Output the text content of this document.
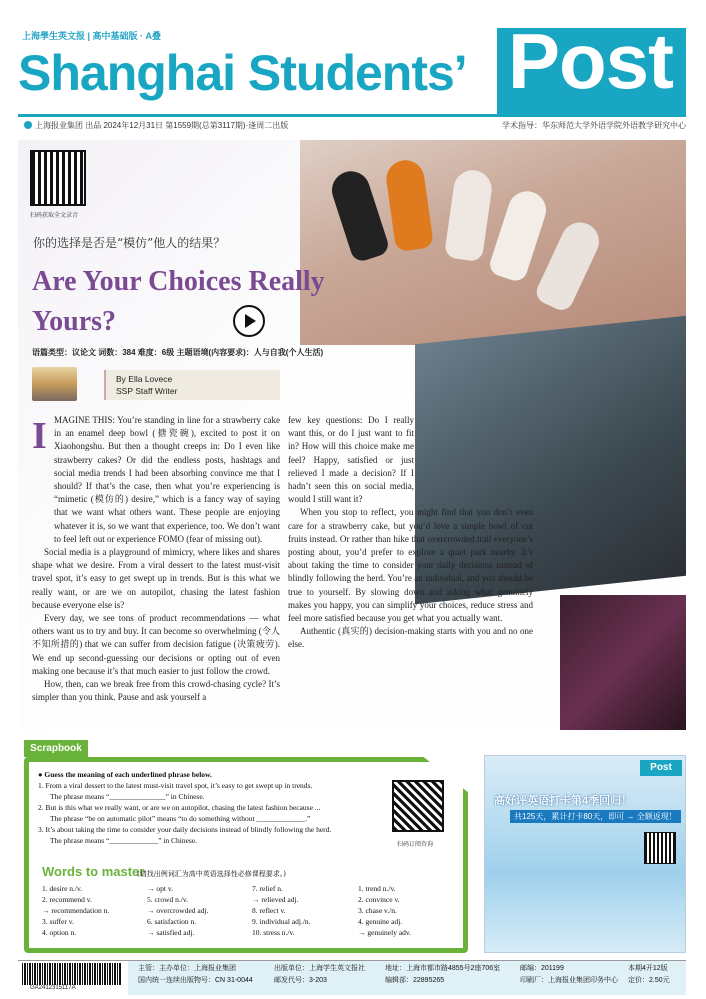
上海學生英文报 | 高中基础版 · A叠
Shanghai Students’ Post
上海报业集团 出品 2024年12月31日 第1559期(总第3117期)·逢周二出版	学术指导：华东师范大学外语学院外语教学研究中心
扫码获取全文录音
你的选择是否是“模仿”他人的结果？
Are Your Choices Really Yours?
语篇类型：议论文 词数：384 难度：6级 主题语境(内容要求)：人与自我(个人生活)
By Ella Lovece
SSP Staff Writer
I MAGINE THIS: You’re standing in line for a strawberry cake in an enamel deep bowl (搪瓷碗), excited to post it on Xiaohongshu. But then a thought creeps in: Do I even like strawberry cakes? Or did the endless posts, hashtags and social media trends I had been absorbing convince me that I should? If that’s the case, then what you’re experiencing is “mimetic (模仿的) desire,” which is a fancy way of saying that we want what others want. These people are enjoying whatever it is, so we want that experience, too. We don’t want to feel left out or experience FOMO (fear of missing out).

Social media is a playground of mimicry, where likes and shares shape what we desire. From a viral dessert to the latest must-visit travel spot, it’s easy to get swept up in trends. But is this what we really want, or are we on autopilot, chasing the latest fashion because everyone else is?

Every day, we see tons of product recommendations — what others want us to try and buy. It can become so overwhelming (令人不知所措的) that we can suffer from decision fatigue (决策疲劳). We end up second-guessing our decisions or opting out of even making one because it’s that much easier to just follow the crowd.

How, then, can we break free from this crowd-chasing cycle? It’s simpler than you think. Pause and ask yourself a

few key questions: Do I really want this, or do I just want to fit in? How will this choice make me feel? Happy, satisfied or just relieved I made a decision? If I hadn’t seen this on social media, would I still want it?

When you stop to reflect, you might find that you don’t even care for a strawberry cake, but you’d love a simple bowl of cut fruits instead. Or rather than hike that overcrowded trail everyone’s posting about, you’d prefer to explore a quiet park nearby. It’s about taking the time to consider your daily decisions instead of blindly following the herd. You’re an individual, and you should be true to yourself. By slowing down and asking what genuinely makes you happy, you can simplify your choices, reduce stress and feel more satisfied because you get what you actually want.

Authentic (真实的) decision-making starts with you and no one else.

Scrapbook
● Guess the meaning of each underlined phrase below.
1. From a viral dessert to the latest must-visit travel spot, it’s easy to get swept up in trends.
The phrase means “_______________” in Chinese.
2. But is this what we really want, or are we on autopilot, chasing the latest fashion because ...
The phrase “be on automatic pilot” means “to do something without _____________.”
3. It’s about taking the time to consider your daily decisions instead of blindly following the herd.
The phrase means “_____________” in Chinese.	扫码订阅咨询
Words to master
(请找出例词汇为高中英语选择性必修课程要求。)
1. desire n./v.
2. recommend v.
→ recommendation n.
3. suffer v.
4. option n.
→ opt v.
5. crowd n./v.
→ overcrowded adj.
6. satisfaction n.
→ satisfied adj.
7. relief n.
→ relieved adj.
8. reflect v.
9. individual adj./n.
10. stress n./v.
1. trend n./v.
2. convince v.
3. chase v./n.
4. genuine adj.
→ genuinely adv.
Post
高好评英语打卡第4季回归！
共125天，累计打卡80天，即可 → 全额返现！
GA2412315117A
主管：主办单位：上海报业集团
国内统一连续出版物号：CN 31-0044
出版单位：上海学生英文报社
邮发代号：3-203
地址：上海市都市路4855号2座706室
编辑部：22895265
邮编：201199
印刷厂：上海报业集团印务中心
本期4开12版
定价：2.50元
